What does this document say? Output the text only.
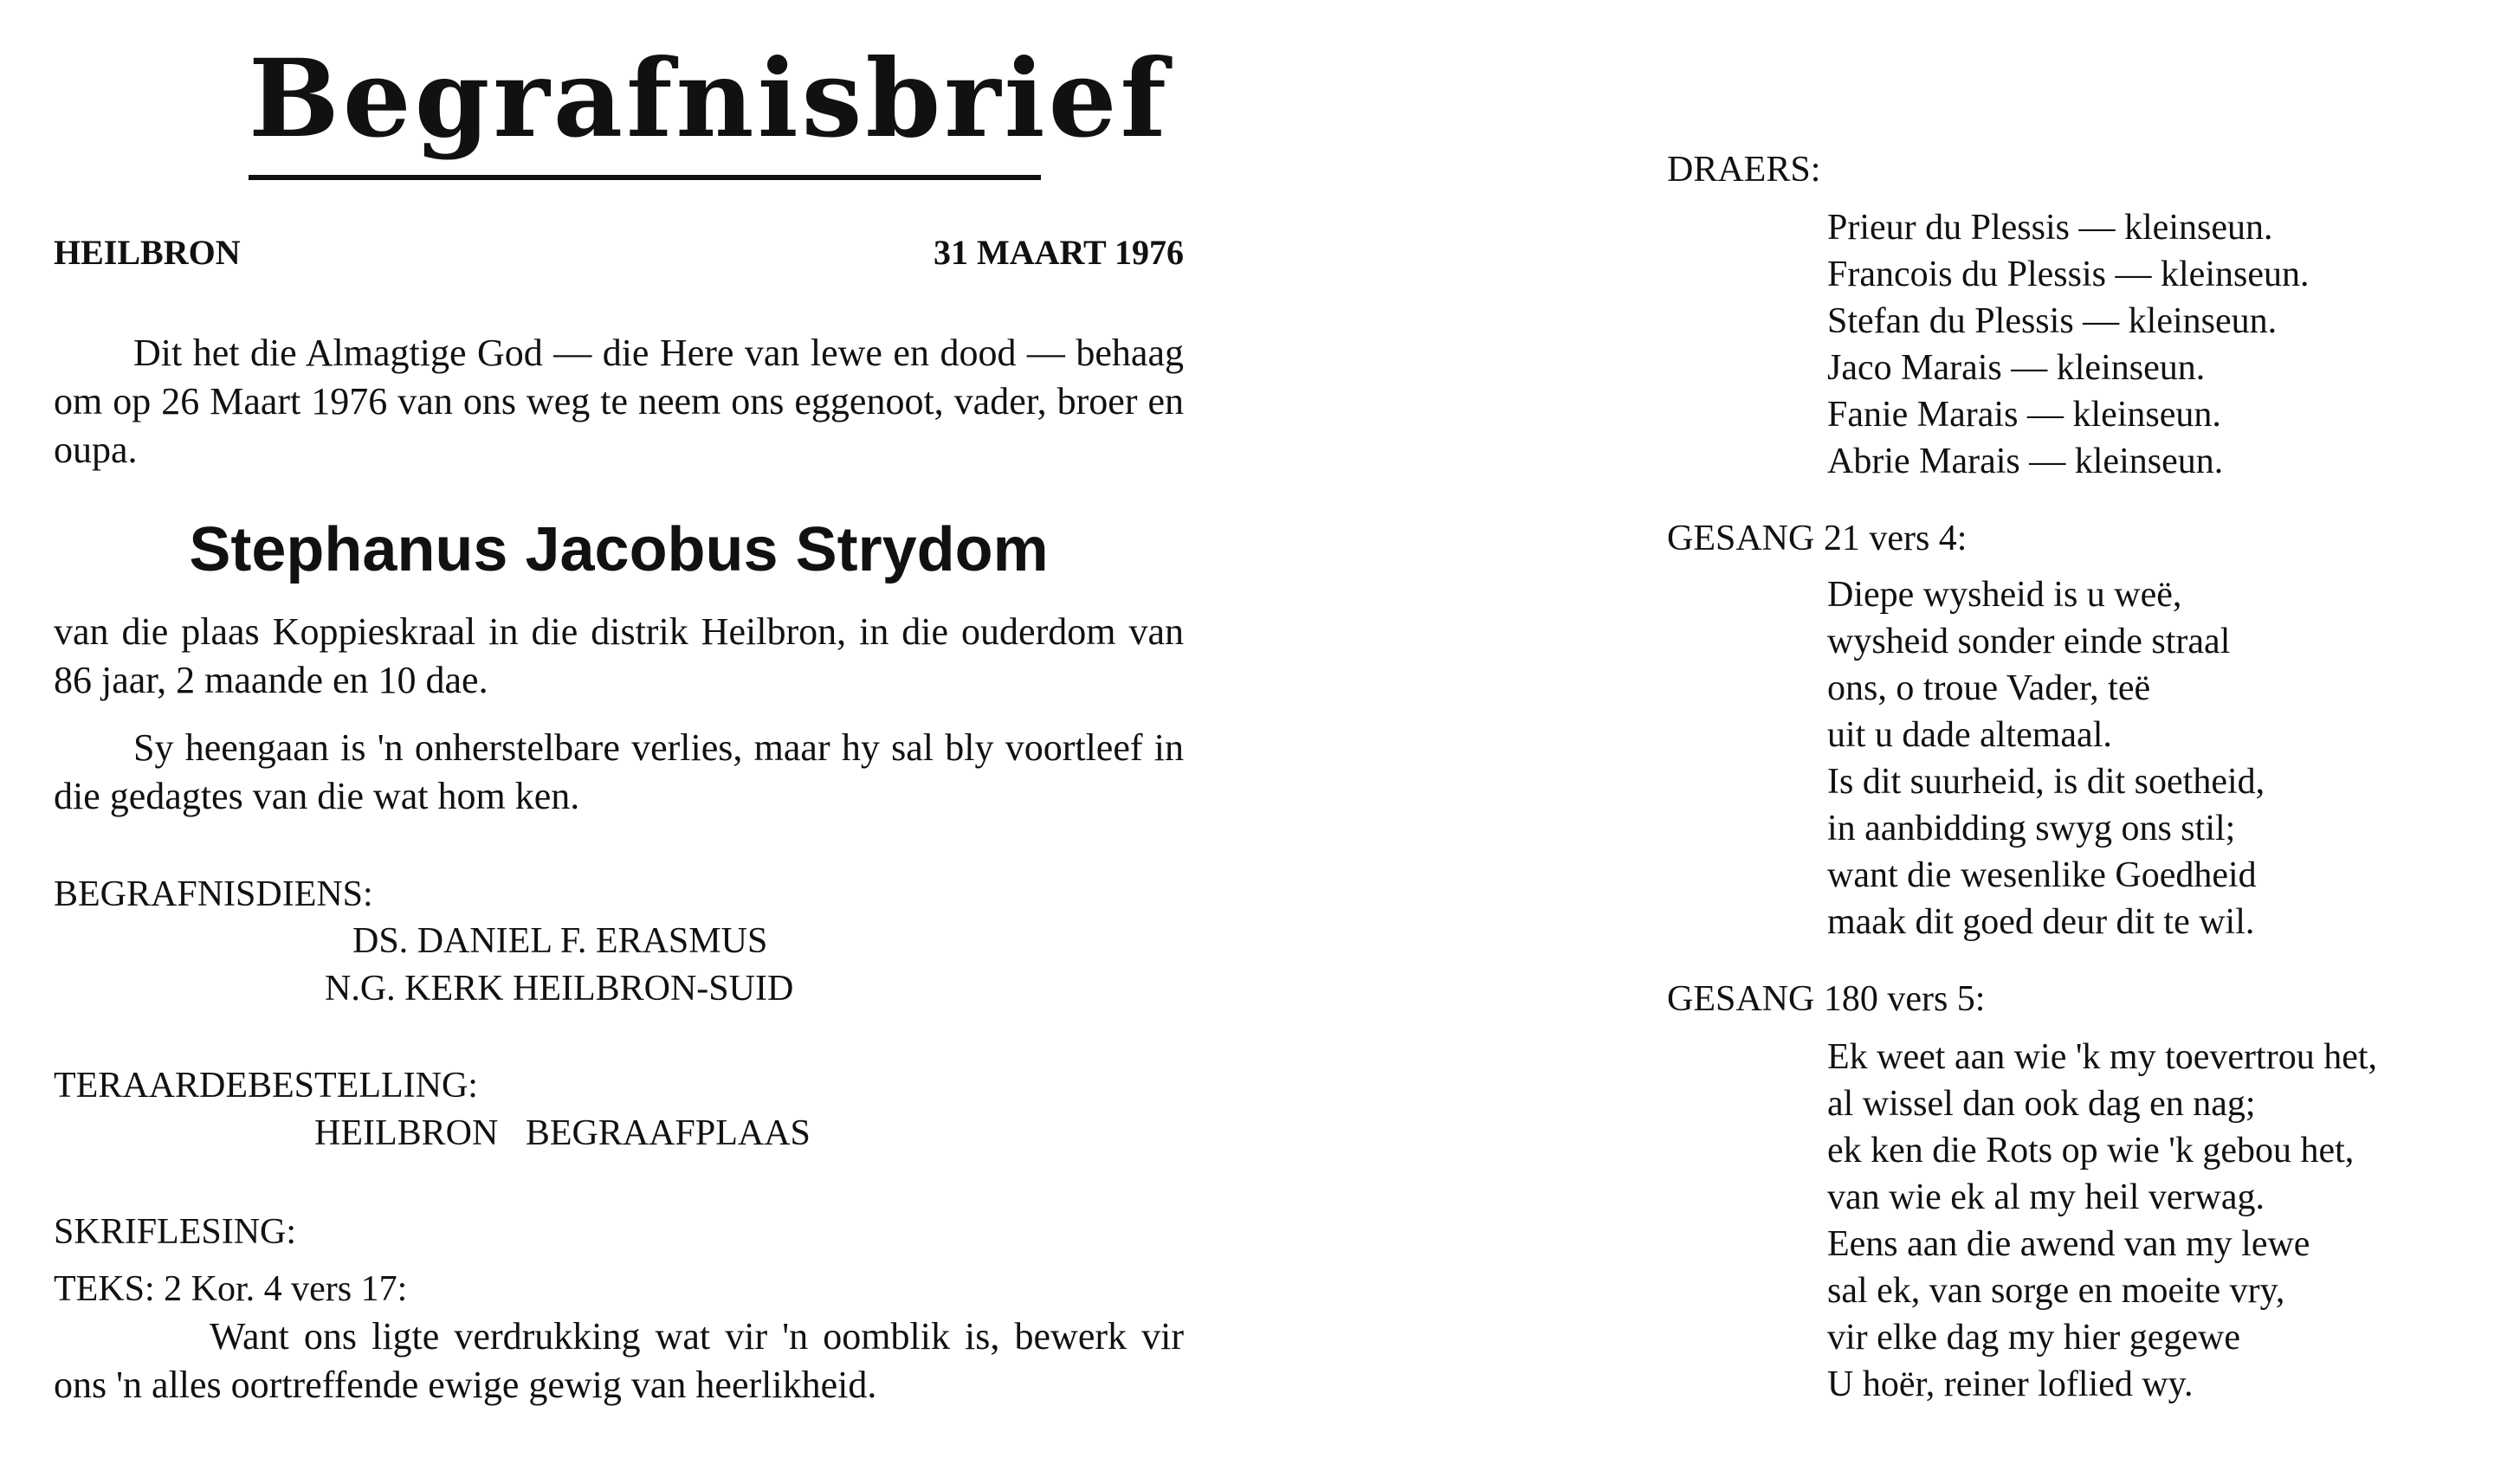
Begrafnisbrief
HEILBRON	31 MAART 1976
Dit het die Almagtige God — die Here van lewe en dood — behaag om op 26 Maart 1976 van ons weg te neem ons eggenoot, vader, broer en oupa.
Stephanus Jacobus Strydom
van die plaas Koppieskraal in die distrik Heilbron, in die ouderdom van 86 jaar, 2 maande en 10 dae.
Sy heengaan is 'n onherstelbare verlies, maar hy sal bly voortleef in die gedagtes van die wat hom ken.
BEGRAFNISDIENS:
DS. DANIEL F. ERASMUS
N.G. KERK HEILBRON-SUID
TERAARDEBESTELLING:
HEILBRON   BEGRAAFPLAAS
SKRIFLESING:
TEKS: 2 Kor. 4 vers 17:
Want ons ligte verdrukking wat vir 'n oomblik is, bewerk vir ons 'n alles oortreffende ewige gewig van heerlikheid.
DRAERS:
Prieur du Plessis — kleinseun.
Francois du Plessis — kleinseun.
Stefan du Plessis — kleinseun.
Jaco Marais — kleinseun.
Fanie Marais — kleinseun.
Abrie Marais — kleinseun.
GESANG 21 vers 4:
Diepe wysheid is u weë,
wysheid sonder einde straal
ons, o troue Vader, teë
uit u dade altemaal.
Is dit suurheid, is dit soetheid,
in aanbidding swyg ons stil;
want die wesenlike Goedheid
maak dit goed deur dit te wil.
GESANG 180 vers 5:
Ek weet aan wie 'k my toevertrou het,
al wissel dan ook dag en nag;
ek ken die Rots op wie 'k gebou het,
van wie ek al my heil verwag.
Eens aan die awend van my lewe
sal ek, van sorge en moeite vry,
vir elke dag my hier gegewe
U hoër, reiner loflied wy.
